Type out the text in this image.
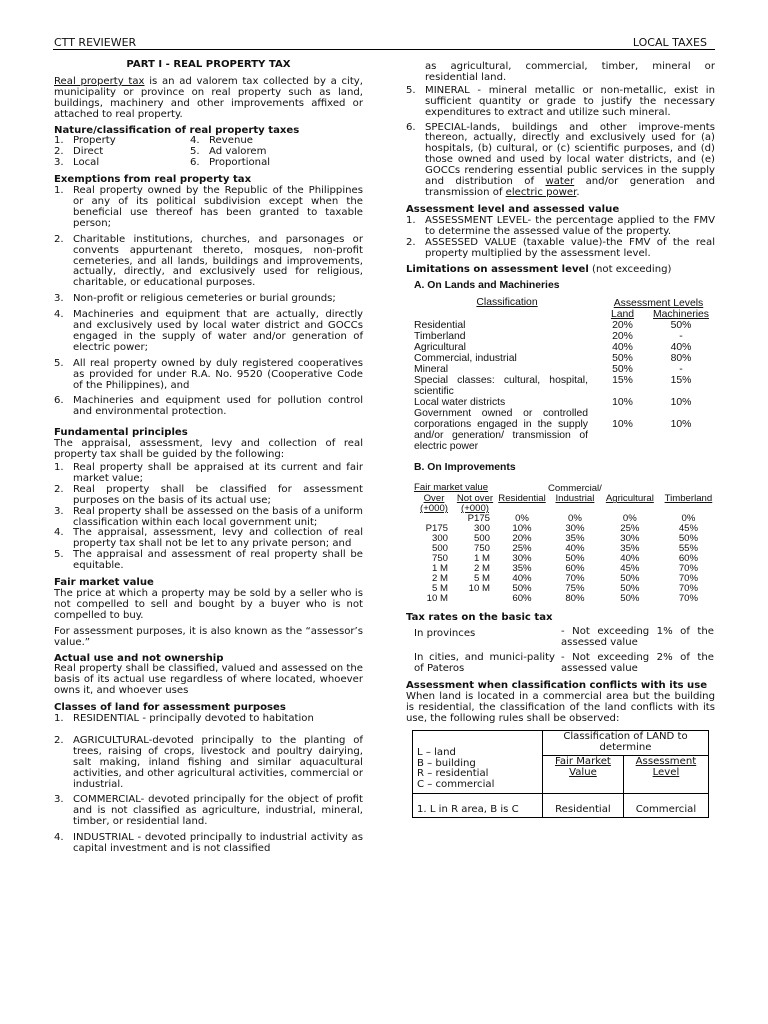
CTT REVIEWER	LOCAL TAXES
PART I - REAL PROPERTY TAX

Real property tax is an ad valorem tax collected by a city, municipality or province on real property such as land, buildings, machinery and other improvements affixed or attached to real property.

Nature/classification of real property taxes
1.	Property	4.	Revenue
2.	Direct	5.	Ad valorem
3.	Local	6.	Proportional
Exemptions from real property tax
1. Real property owned by the Republic of the Philippines or any of its political subdivision except when the beneficial use thereof has been granted to taxable person;
2. Charitable institutions, churches, and parsonages or convents appurtenant thereto, mosques, non-profit cemeteries, and all lands, buildings and improvements, actually, directly, and exclusively used for religious, charitable, or educational purposes.
3. Non-profit or religious cemeteries or burial grounds;
4. Machineries and equipment that are actually, directly and exclusively used by local water district and GOCCs engaged in the supply of water and/or generation of electric power;
5. All real property owned by duly registered cooperatives as provided for under R.A. No. 9520 (Cooperative Code of the Philippines), and
6. Machineries and equipment used for pollution control and environmental protection.
Fundamental principles

The appraisal, assessment, levy and collection of real property tax shall be guided by the following:

1. Real property shall be appraised at its current and fair market value;
2. Real property shall be classified for assessment purposes on the basis of its actual use;
3. Real property shall be assessed on the basis of a uniform classification within each local government unit;
4. The appraisal, assessment, levy and collection of real property tax shall not be let to any private person; and
5. The appraisal and assessment of real property shall be equitable.
Fair market value

The price at which a property may be sold by a seller who is not compelled to sell and bought by a buyer who is not compelled to buy.

For assessment purposes, it is also known as the “assessor’s value.”

Actual use and not ownership

Real property shall be classified, valued and assessed on the basis of its actual use regardless of where located, whoever owns it, and whoever uses

Classes of land for assessment purposes
1. RESIDENTIAL - principally devoted to habitation
2. AGRICULTURAL-devoted principally to the planting of trees, raising of crops, livestock and poultry dairying, salt making, inland fishing and similar aquacultural activities, and other agricultural activities, commercial or industrial.
3. COMMERCIAL- devoted principally for the object of profit and is not classified as agriculture, industrial, mineral, timber, or residential land.
4. INDUSTRIAL - devoted principally to industrial activity as capital investment and is not classified

as agricultural, commercial, timber, mineral or residential land.

5. MINERAL - mineral metallic or non-metallic, exist in sufficient quantity or grade to justify the necessary expenditures to extract and utilize such mineral.
6. SPECIAL-lands, buildings and other improve-ments thereon, actually, directly and exclusively used for (a) hospitals, (b) cultural, or (c) scientific purposes, and (d) those owned and used by local water districts, and (e) GOCCs rendering essential public services in the supply and distribution of water and/or generation and transmission of electric power.
Assessment level and assessed value
1. ASSESSMENT LEVEL- the percentage applied to the FMV to determine the assessed value of the property.
2. ASSESSED VALUE (taxable value)-the FMV of the real property multiplied by the assessment level.
Limitations on assessment level (not exceeding)
A. On Lands and Machineries
Classification	Assessment Levels	
	Land	Machineries
Residential	20%	50%
Timberland	20%	-
Agricultural	40%	40%
Commercial, industrial	50%	80%
Mineral	50%	-
Special classes: cultural, hospital, scientific	15%	15%
Local water districts	10%	10%
Government owned or controlled corporations engaged in the supply and/or generation/ transmission of electric power	10%	10%
B. On Improvements
Fair market value			Commercial/		
Over	Not over	Residential	Industrial	Agricultural	Timberland
(+000)	(+000)				
	P175	0%	0%	0%	0%
P175	300	10%	30%	25%	45%
300	500	20%	35%	30%	50%
500	750	25%	40%	35%	55%
750	1 M	30%	50%	40%	60%
1 M	2 M	35%	60%	45%	70%
2 M	5 M	40%	70%	50%	70%
5 M	10 M	50%	75%	50%	70%
10 M		60%	80%	50%	70%
Tax rates on the basic tax
In provinces	- Not exceeding 1% of the assessed value
In cities, and munici-pality of Pateros	- Not exceeding 2% of the assessed value
Assessment when classification conflicts with its use

When land is located in a commercial area but the building is residential, the classification of the land conflicts with its use, the following rules shall be observed:

L – land
B – building
R – residential
C – commercial	Classification of LAND to determine	
	Fair Market Value	Assessment Level
1. L in R area, B is C	Residential	Commercial
